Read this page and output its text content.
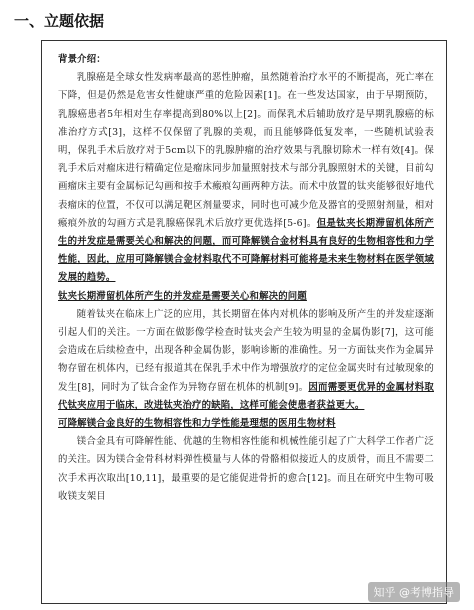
一、立题依据

背景介绍：

乳腺癌是全球女性发病率最高的恶性肿瘤，虽然随着治疗水平的不断提高，死亡率在下降，但是仍然是危害女性健康严重的危险因素[1]。在一些发达国家，由于早期预防，乳腺癌患者5年相对生存率提高到80%以上[2]。而保乳术后辅助放疗是早期乳腺癌的标准治疗方式[3]，这样不仅保留了乳腺的美观，而且能够降低复发率，一些随机试验表明，保乳手术后放疗对于5cm以下的乳腺肿瘤的治疗效果与乳腺切除术一样有效[4]。保乳手术后对瘤床进行精确定位是瘤床同步加量照射技术与部分乳腺照射术的关键，目前勾画瘤床主要有金属标记勾画和按手术瘢痕勾画两种方法。而术中放置的钛夹能够很好地代表瘤床的位置，不仅可以满足靶区剂量要求，同时也可减少危及器官的受照射剂量，相对瘢痕外放的勾画方式是乳腺癌保乳术后放疗更优选择[5-6]。但是钛夹长期滞留机体所产生的并发症是需要关心和解决的问题，而可降解镁合金材料具有良好的生物相容性和力学性能，因此，应用可降解镁合金材料取代不可降解材料可能将是未来生物材料在医学领域发展的趋势。

钛夹长期滞留机体所产生的并发症是需要关心和解决的问题

随着钛夹在临床上广泛的应用，其长期留在体内对机体的影响及所产生的并发症逐渐引起人们的关注。一方面在做影像学检查时钛夹会产生较为明显的金属伪影[7]，这可能会造成在后续检查中，出现各种金属伪影，影响诊断的准确性。另一方面钛夹作为金属异物存留在机体内，已经有报道其在保乳手术中作为增强放疗的定位金属夹时有过敏现象的发生[8]，同时为了钛合金作为异物存留在机体的机制[9]。因而需要更优异的金属材料取代钛夹应用于临床，改进钛夹治疗的缺陷，这样可能会使患者获益更大。

可降解镁合金良好的生物相容性和力学性能是理想的医用生物材料

镁合金具有可降解性能、优越的生物相容性能和机械性能引起了广大科学工作者广泛的关注。因为镁合金骨科材料弹性模量与人体的骨骼相似接近人的皮质骨，而且不需要二次手术再次取出[10,11]，最重要的是它能促进骨折的愈合[12]。而且在研究中生物可吸收镁支架目

知乎 @考博指导
